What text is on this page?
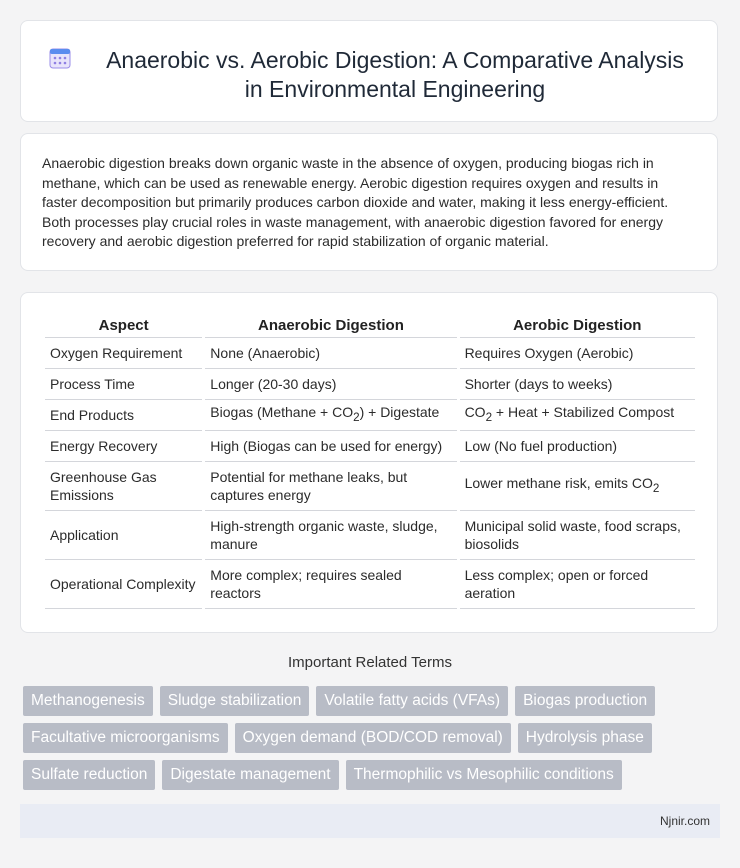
Anaerobic vs. Aerobic Digestion: A Comparative Analysis
in Environmental Engineering

Anaerobic digestion breaks down organic waste in the absence of oxygen, producing biogas rich in methane, which can be used as renewable energy. Aerobic digestion requires oxygen and results in faster decomposition but primarily produces carbon dioxide and water, making it less energy-efficient. Both processes play crucial roles in waste management, with anaerobic digestion favored for energy recovery and aerobic digestion preferred for rapid stabilization of organic material.

Aspect	Anaerobic Digestion	Aerobic Digestion
Oxygen Requirement	None (Anaerobic)	Requires Oxygen (Aerobic)
Process Time	Longer (20-30 days)	Shorter (days to weeks)
End Products	Biogas (Methane + $CO_2$) + Digestate	$CO_2$ + Heat + Stabilized Compost
Energy Recovery	High (Biogas can be used for energy)	Low (No fuel production)
Greenhouse Gas Emissions	Potential for methane leaks, but captures energy	Lower methane risk, emits $CO_2$
Application	High-strength organic waste, sludge, manure	Municipal solid waste, food scraps, biosolids
Operational Complexity	More complex; requires sealed reactors	Less complex; open or forced aeration

Important Related Terms

Methanogenesis	Sludge stabilization	Volatile fatty acids (VFAs)	Biogas production
Facultative microorganisms	Oxygen demand (BOD/COD removal)	Hydrolysis phase
Sulfate reduction	Digestate management	Thermophilic vs Mesophilic conditions
Njnir.com
